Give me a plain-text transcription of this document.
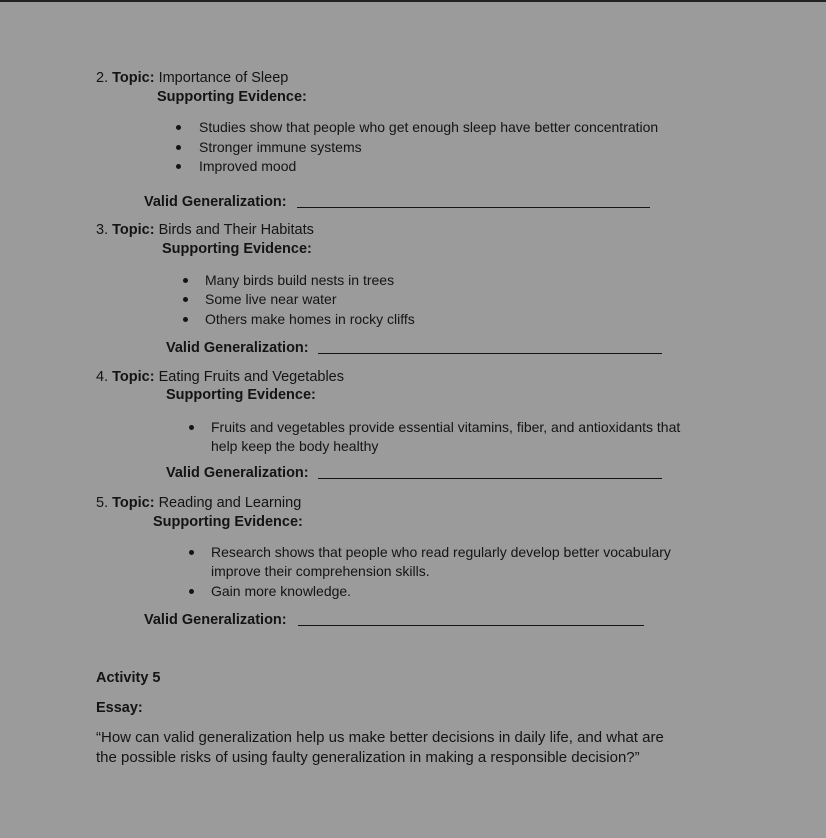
2. Topic: Importance of Sleep
Supporting Evidence:
Studies show that people who get enough sleep have better concentration
Stronger immune systems
Improved mood
Valid Generalization:
3. Topic: Birds and Their Habitats
Supporting Evidence:
Many birds build nests in trees
Some live near water
Others make homes in rocky cliffs
Valid Generalization:
4. Topic: Eating Fruits and Vegetables
Supporting Evidence:
Fruits and vegetables provide essential vitamins, fiber, and antioxidants that
help keep the body healthy
Valid Generalization:
5. Topic: Reading and Learning
Supporting Evidence:
Research shows that people who read regularly develop better vocabulary
improve their comprehension skills.
Gain more knowledge.
Valid Generalization:
Activity 5
Essay:
“How can valid generalization help us make better decisions in daily life, and what are
the possible risks of using faulty generalization in making a responsible decision?”
